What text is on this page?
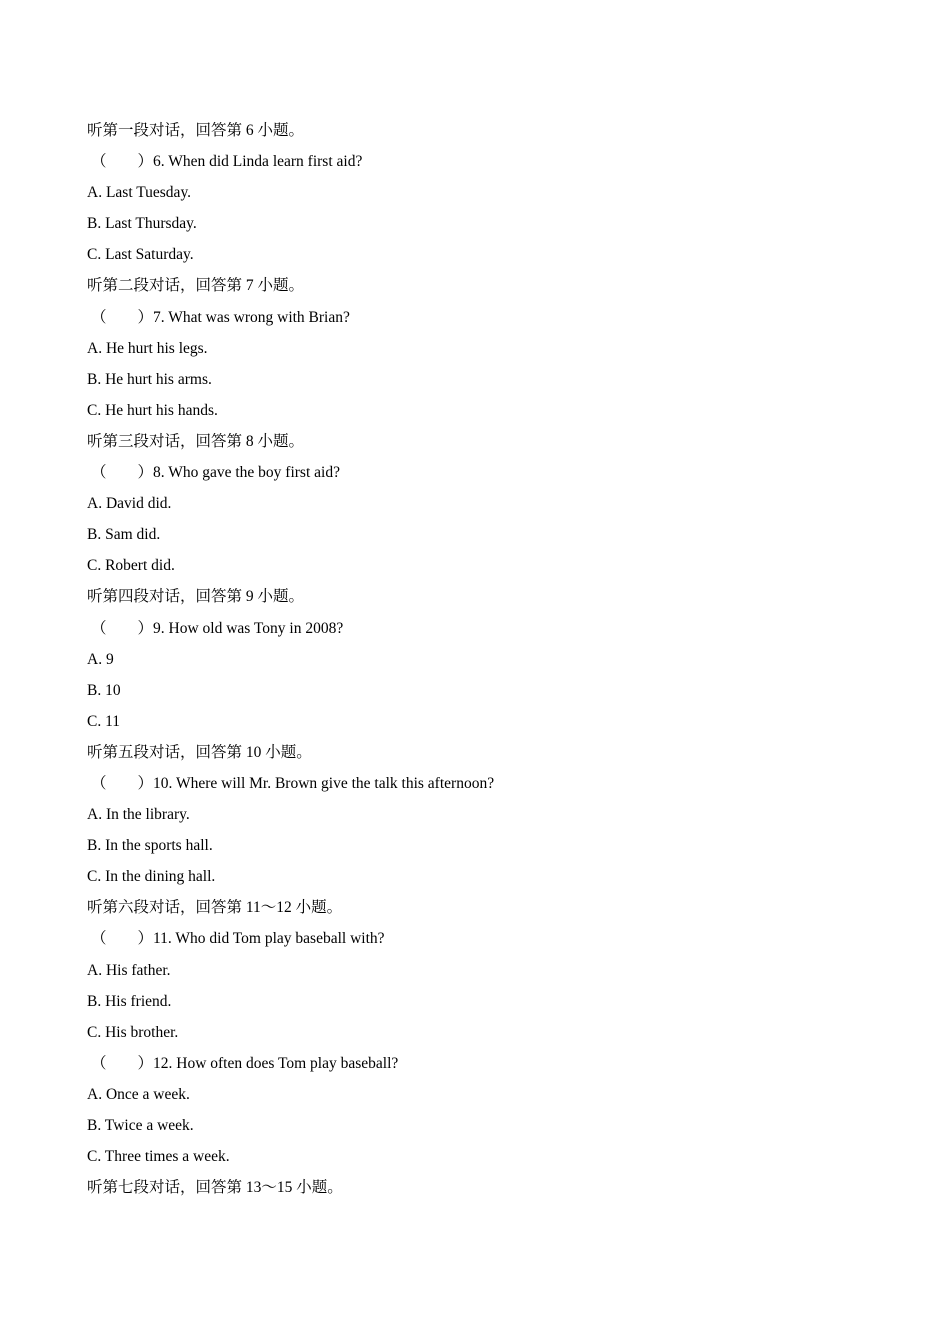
听第一段对话，回答第 6 小题。
（　　）6. When did Linda learn first aid?
A. Last Tuesday.
B. Last Thursday.
C. Last Saturday.
听第二段对话，回答第 7 小题。
（　　）7. What was wrong with Brian?
A. He hurt his legs.
B. He hurt his arms.
C. He hurt his hands.
听第三段对话，回答第 8 小题。
（　　）8. Who gave the boy first aid?
A. David did.
B. Sam did.
C. Robert did.
听第四段对话，回答第 9 小题。
（　　）9. How old was Tony in 2008?
A. 9
B. 10
C. 11
听第五段对话，回答第 10 小题。
（　　）10. Where will Mr. Brown give the talk this afternoon?
A. In the library.
B. In the sports hall.
C. In the dining hall.
听第六段对话，回答第 11～12 小题。
（　　）11. Who did Tom play baseball with?
A. His father.
B. His friend.
C. His brother.
（　　）12. How often does Tom play baseball?
A. Once a week.
B. Twice a week.
C. Three times a week.
听第七段对话，回答第 13～15 小题。
